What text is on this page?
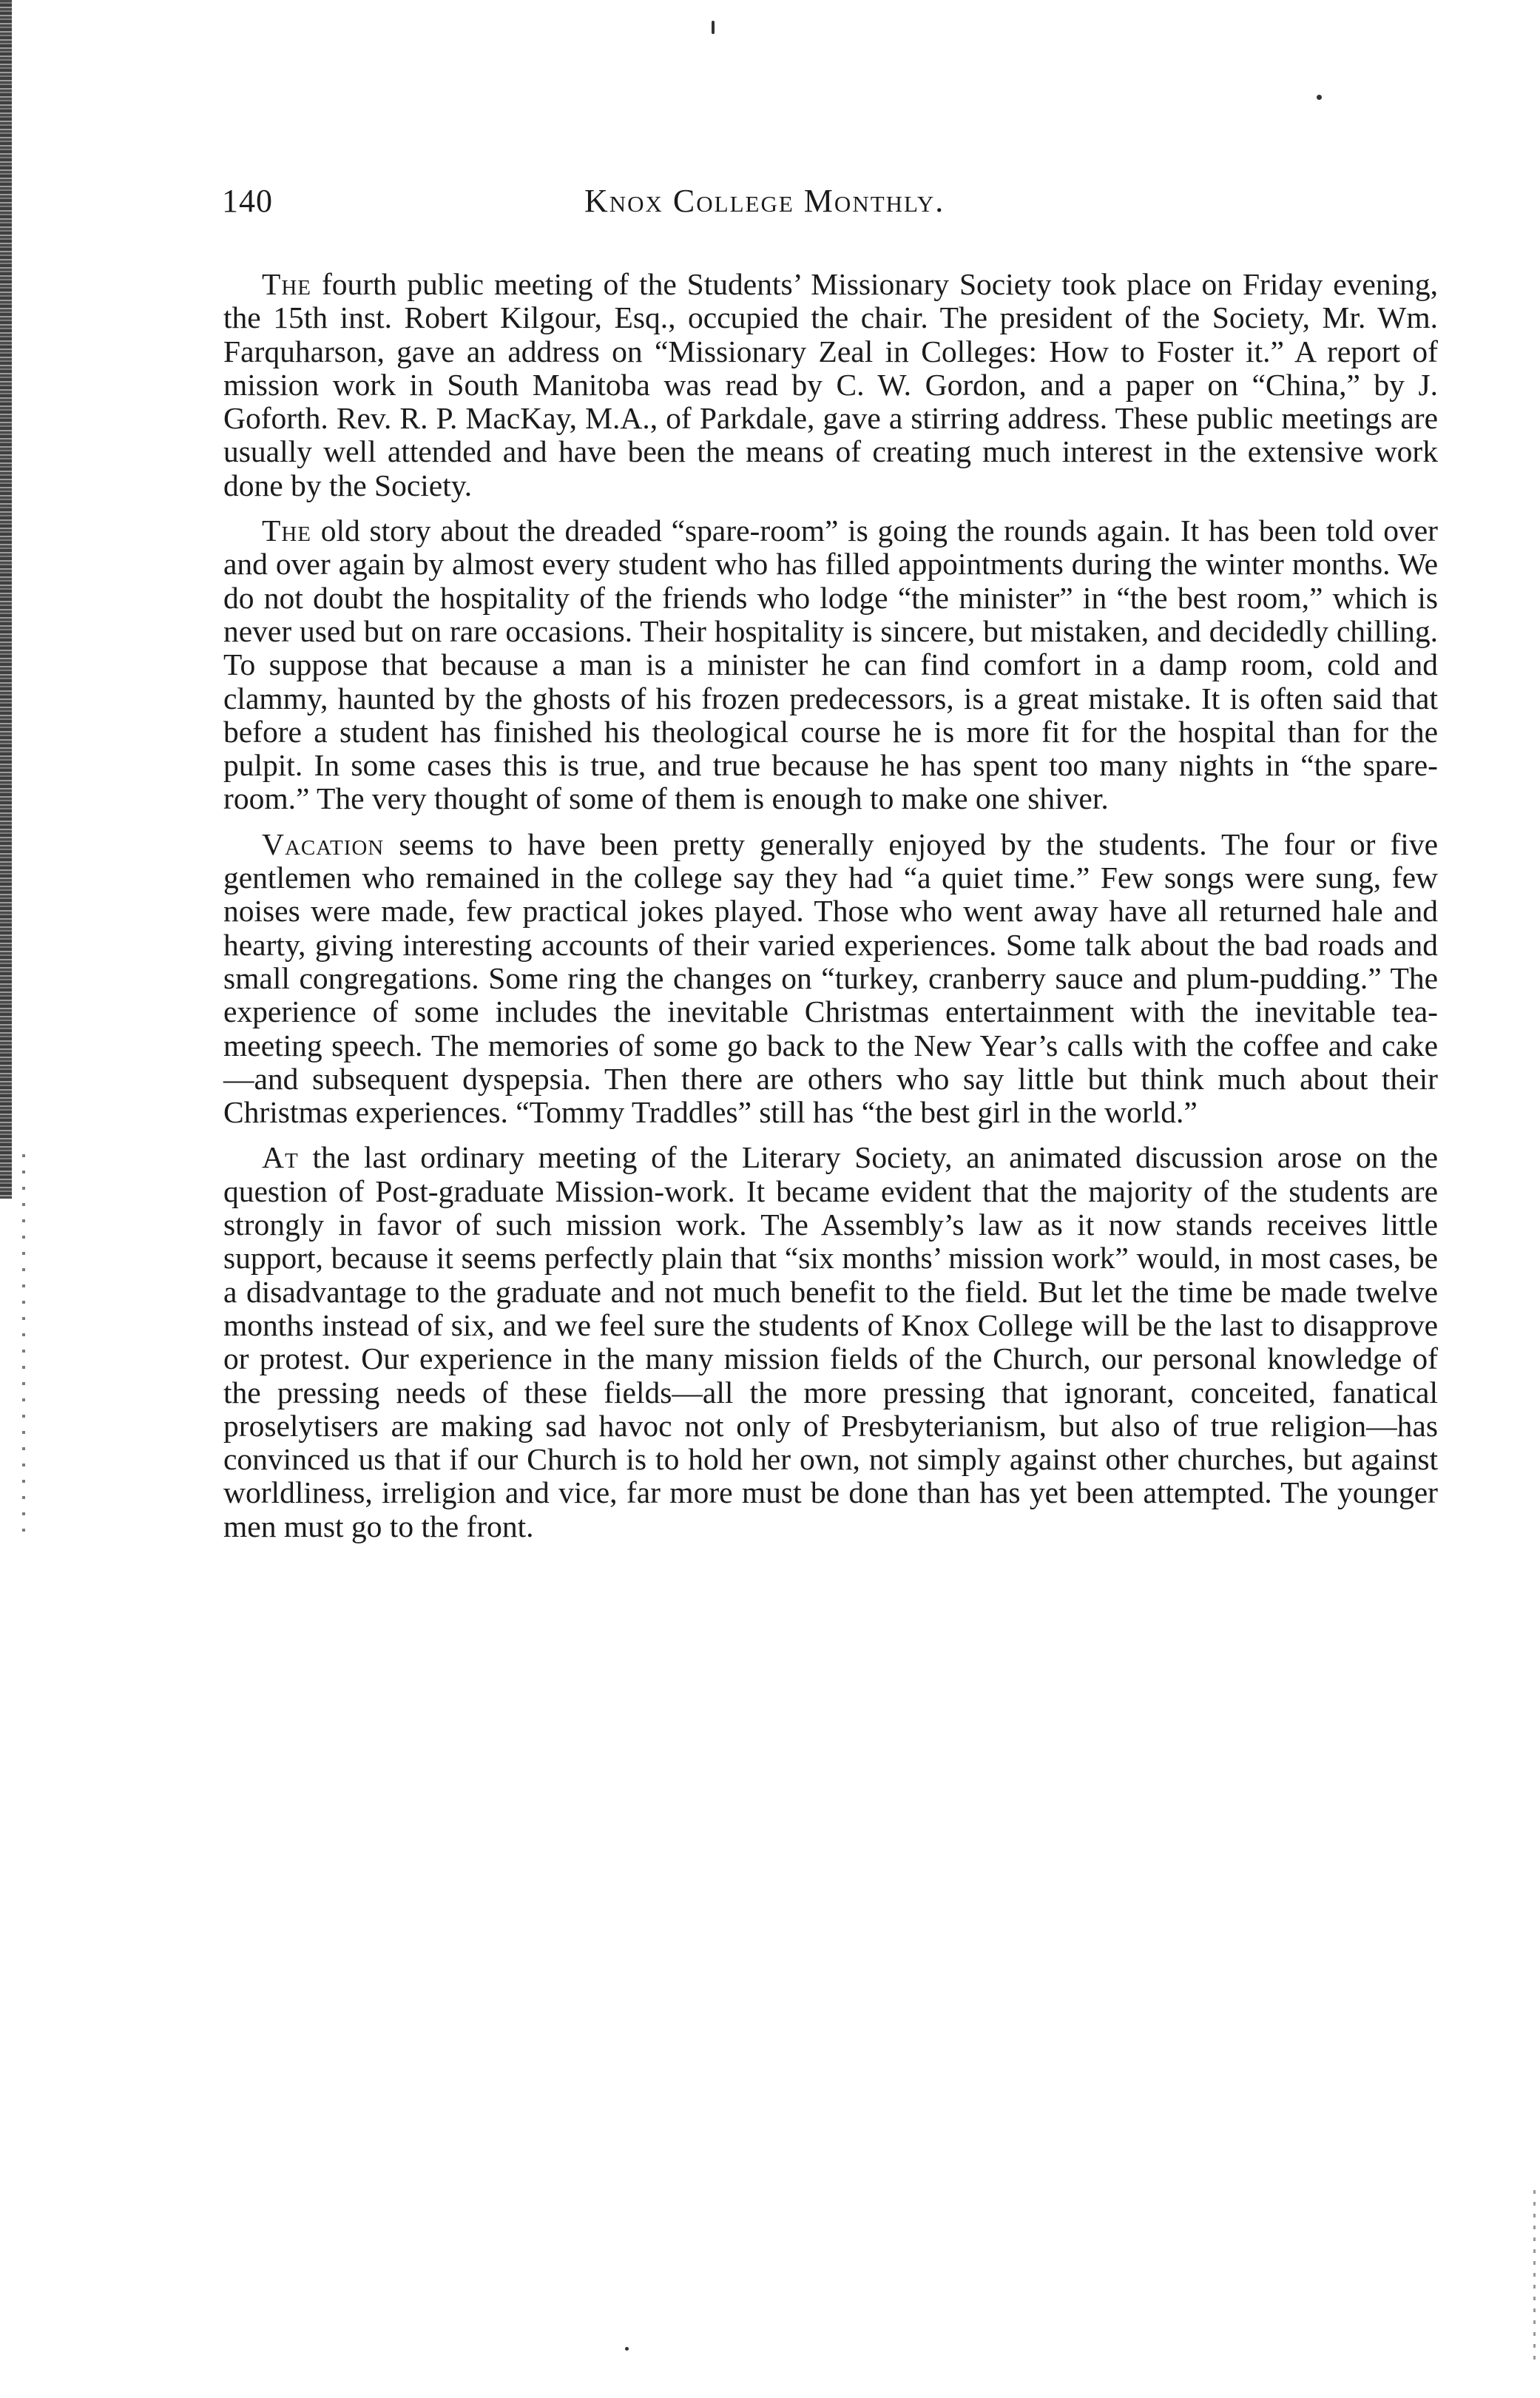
140	Knox College Monthly.

The fourth public meeting of the Students’ Missionary Society took place on Friday evening, the 15th inst. Robert Kilgour, Esq., occupied the chair. The president of the Society, Mr. Wm. Farquharson, gave an address on “Missionary Zeal in Colleges: How to Foster it.” A report of mission work in South Manitoba was read by C. W. Gordon, and a paper on “China,” by J. Goforth. Rev. R. P. MacKay, M.A., of Parkdale, gave a stirring address. These public meetings are usually well attended and have been the means of creating much interest in the extensive work done by the Society.

The old story about the dreaded “spare-room” is going the rounds again. It has been told over and over again by almost every student who has filled appointments during the winter months. We do not doubt the hospitality of the friends who lodge “the minister” in “the best room,” which is never used but on rare occasions. Their hospitality is sincere, but mistaken, and decidedly chilling. To suppose that because a man is a minister he can find comfort in a damp room, cold and clammy, haunted by the ghosts of his frozen predecessors, is a great mistake. It is often said that before a student has finished his theological course he is more fit for the hospital than for the pulpit. In some cases this is true, and true because he has spent too many nights in “the spare-room.” The very thought of some of them is enough to make one shiver.

Vacation seems to have been pretty generally enjoyed by the students. The four or five gentlemen who remained in the college say they had “a quiet time.” Few songs were sung, few noises were made, few practical jokes played. Those who went away have all returned hale and hearty, giving interesting accounts of their varied experiences. Some talk about the bad roads and small congregations. Some ring the changes on “turkey, cranberry sauce and plum-pudding.” The experience of some includes the inevitable Christmas entertainment with the inevitable tea-meeting speech. The memories of some go back to the New Year’s calls with the coffee and cake—and subsequent dyspepsia. Then there are others who say little but think much about their Christmas experiences. “Tommy Traddles” still has “the best girl in the world.”

At the last ordinary meeting of the Literary Society, an animated discussion arose on the question of Post-graduate Mission-work. It became evident that the majority of the students are strongly in favor of such mission work. The Assembly’s law as it now stands receives little support, because it seems perfectly plain that “six months’ mission work” would, in most cases, be a disadvantage to the graduate and not much benefit to the field. But let the time be made twelve months instead of six, and we feel sure the students of Knox College will be the last to disapprove or protest. Our experience in the many mission fields of the Church, our personal knowledge of the pressing needs of these fields—all the more pressing that ignorant, conceited, fanatical proselytisers are making sad havoc not only of Presbyterianism, but also of true religion—has convinced us that if our Church is to hold her own, not simply against other churches, but against worldliness, irreligion and vice, far more must be done than has yet been attempted. The younger men must go to the front.
